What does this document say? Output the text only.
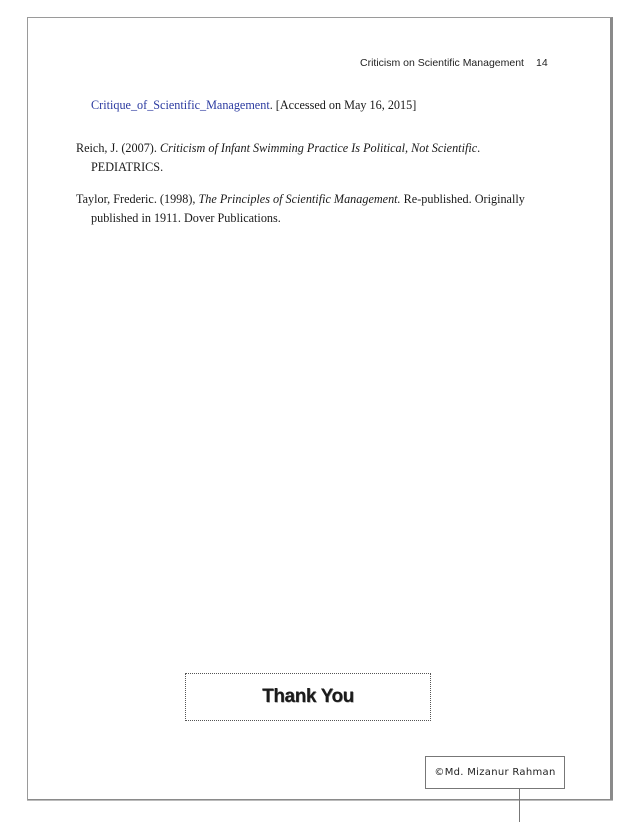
Criticism on Scientific Management 14
Critique_of_Scientific_Management. [Accessed on May 16, 2015]
Reich, J. (2007). Criticism of Infant Swimming Practice Is Political, Not Scientific.
PEDIATRICS.
Taylor, Frederic. (1998), The Principles of Scientific Management. Re-published. Originally
published in 1911. Dover Publications.
Thank You
©Md. Mizanur Rahman
